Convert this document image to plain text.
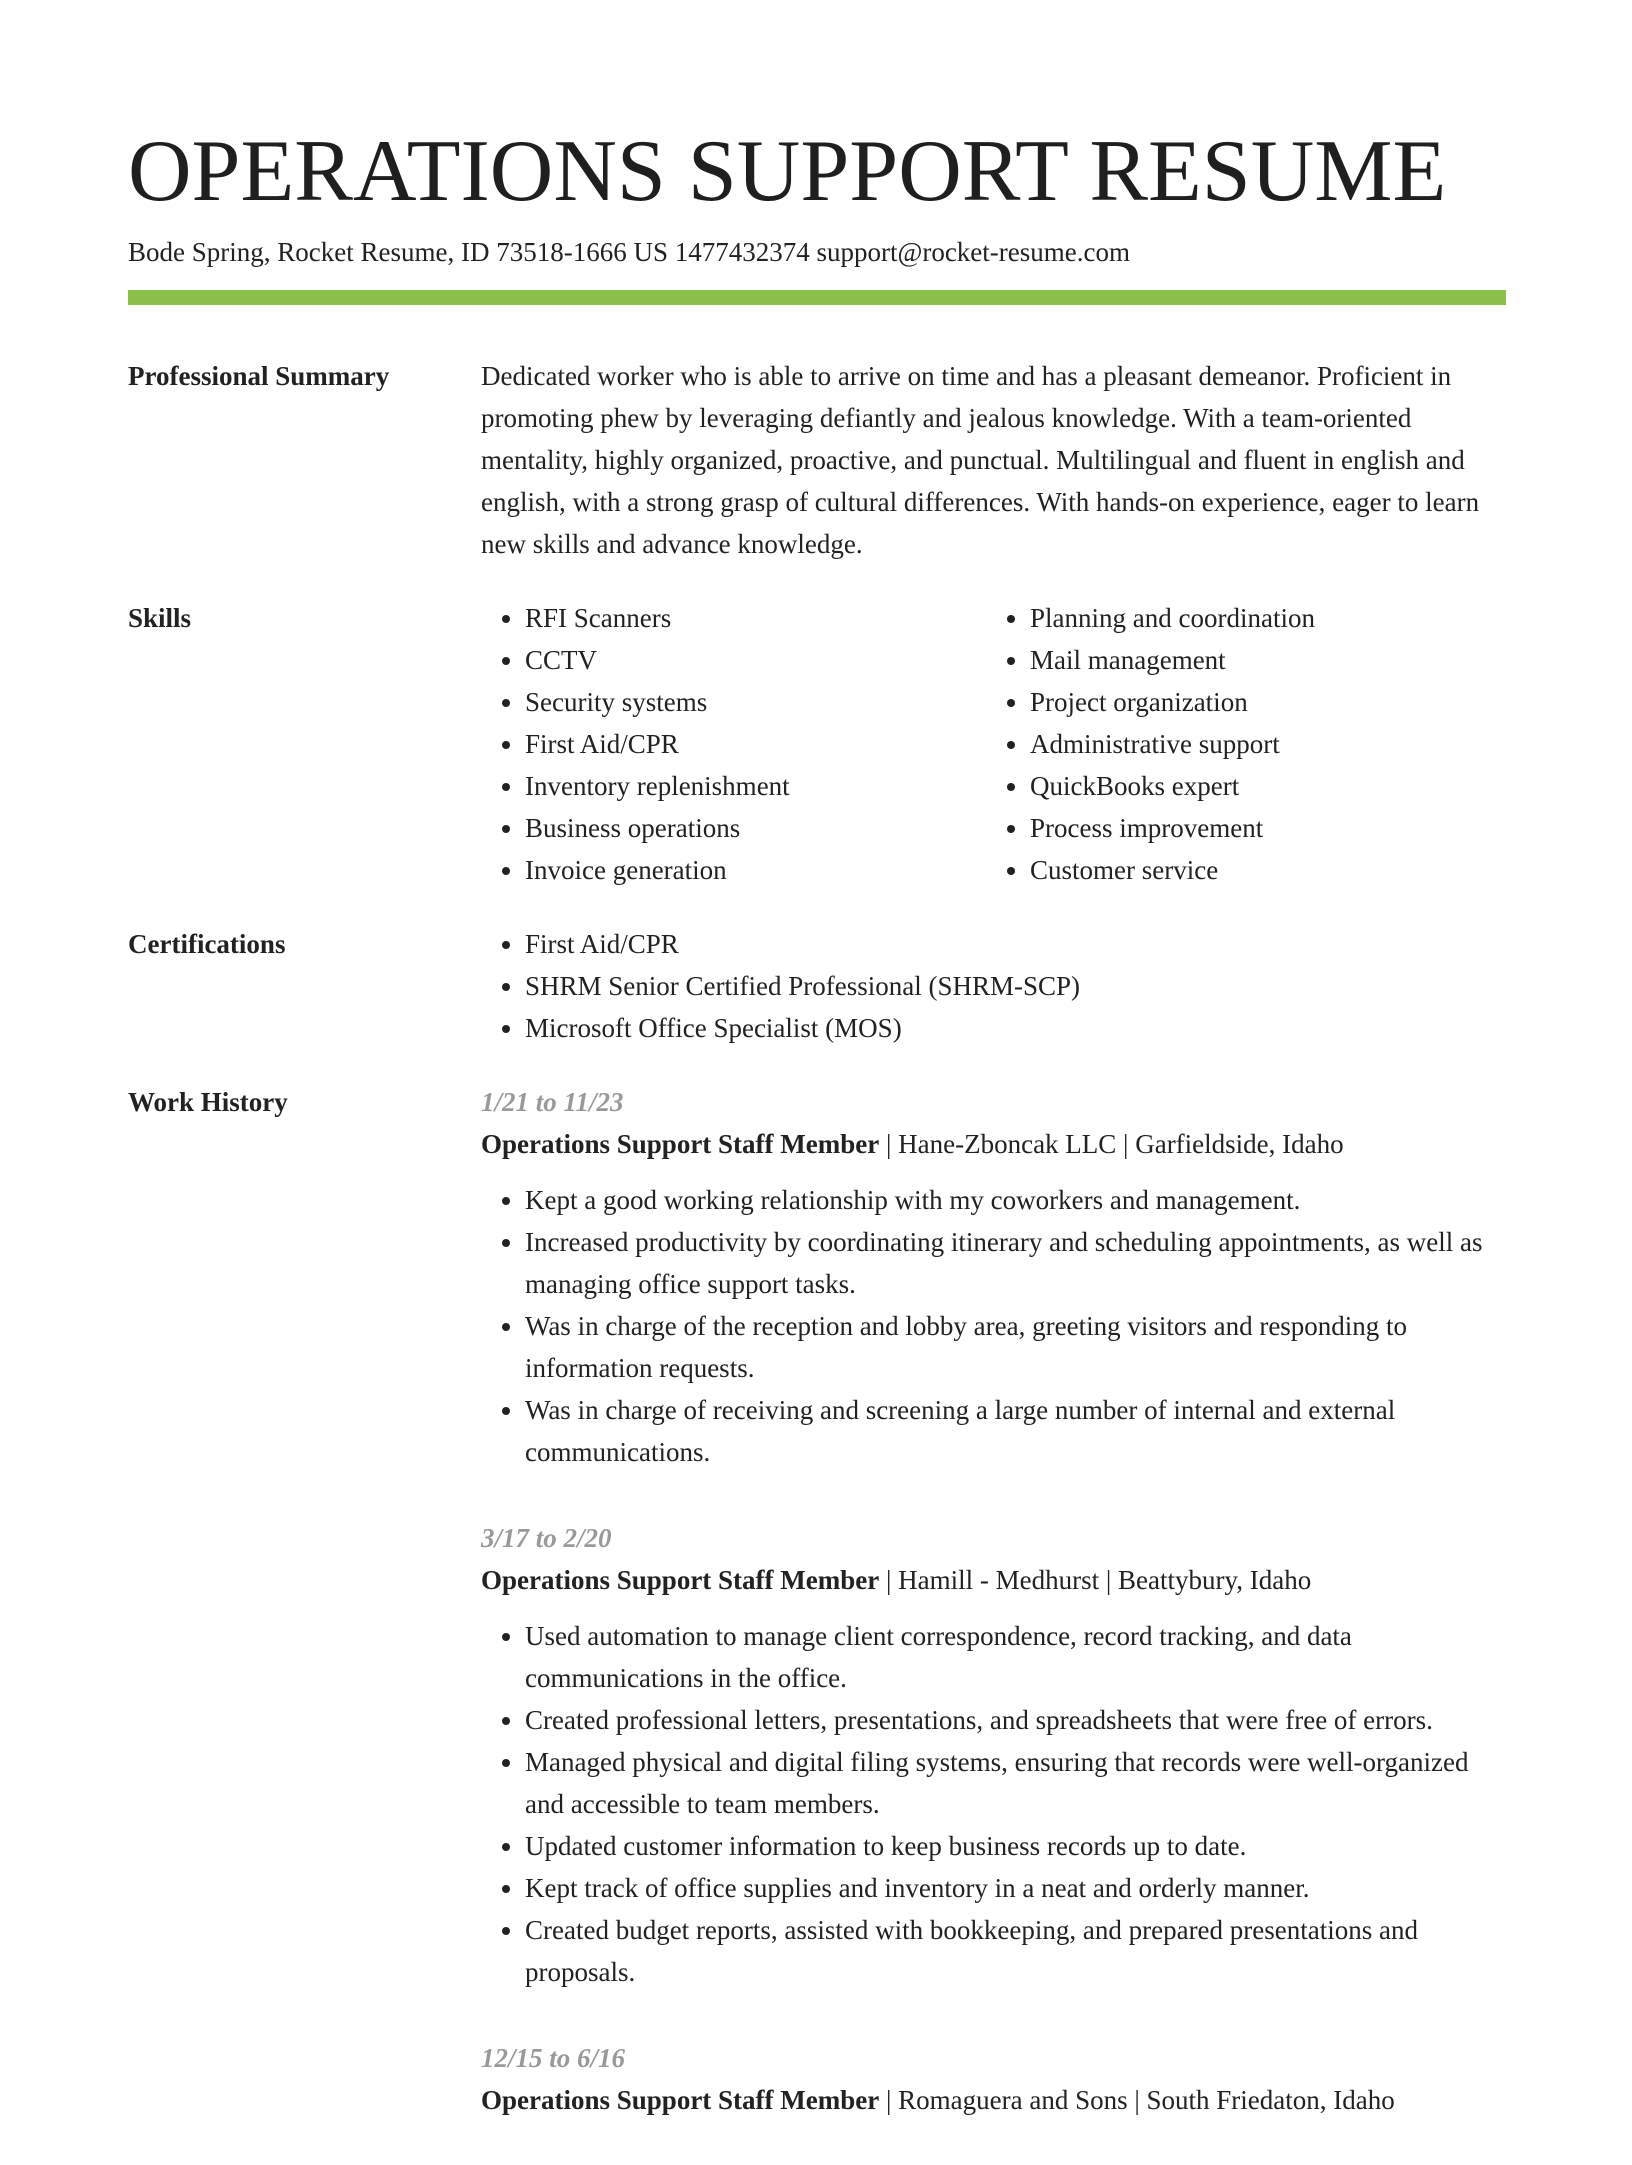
OPERATIONS SUPPORT RESUME
Bode Spring, Rocket Resume, ID 73518-1666 US 1477432374 support@rocket-resume.com
Professional Summary	Dedicated worker who is able to arrive on time and has a pleasant demeanor. Proficient in promoting phew by leveraging defiantly and jealous knowledge. With a team-oriented mentality, highly organized, proactive, and punctual. Multilingual and fluent in english and english, with a strong grasp of cultural differences. With hands-on experience, eager to learn new skills and advance knowledge.
Skills	• RFI Scanners
• CCTV
• Security systems
• First Aid/CPR
• Inventory replenishment
• Business operations
• Invoice generation
• Planning and coordination
• Mail management
• Project organization
• Administrative support
• QuickBooks expert
• Process improvement
• Customer service
Certifications	• First Aid/CPR
• SHRM Senior Certified Professional (SHRM-SCP)
• Microsoft Office Specialist (MOS)
Work History	1/21 to 11/23
Operations Support Staff Member | Hane-Zboncak LLC | Garfieldside, Idaho
• Kept a good working relationship with my coworkers and management.
• Increased productivity by coordinating itinerary and scheduling appointments, as well as managing office support tasks.
• Was in charge of the reception and lobby area, greeting visitors and responding to information requests.
• Was in charge of receiving and screening a large number of internal and external communications.
3/17 to 2/20
Operations Support Staff Member | Hamill - Medhurst | Beattybury, Idaho
• Used automation to manage client correspondence, record tracking, and data communications in the office.
• Created professional letters, presentations, and spreadsheets that were free of errors.
• Managed physical and digital filing systems, ensuring that records were well-organized and accessible to team members.
• Updated customer information to keep business records up to date.
• Kept track of office supplies and inventory in a neat and orderly manner.
• Created budget reports, assisted with bookkeeping, and prepared presentations and proposals.
12/15 to 6/16
Operations Support Staff Member | Romaguera and Sons | South Friedaton, Idaho
